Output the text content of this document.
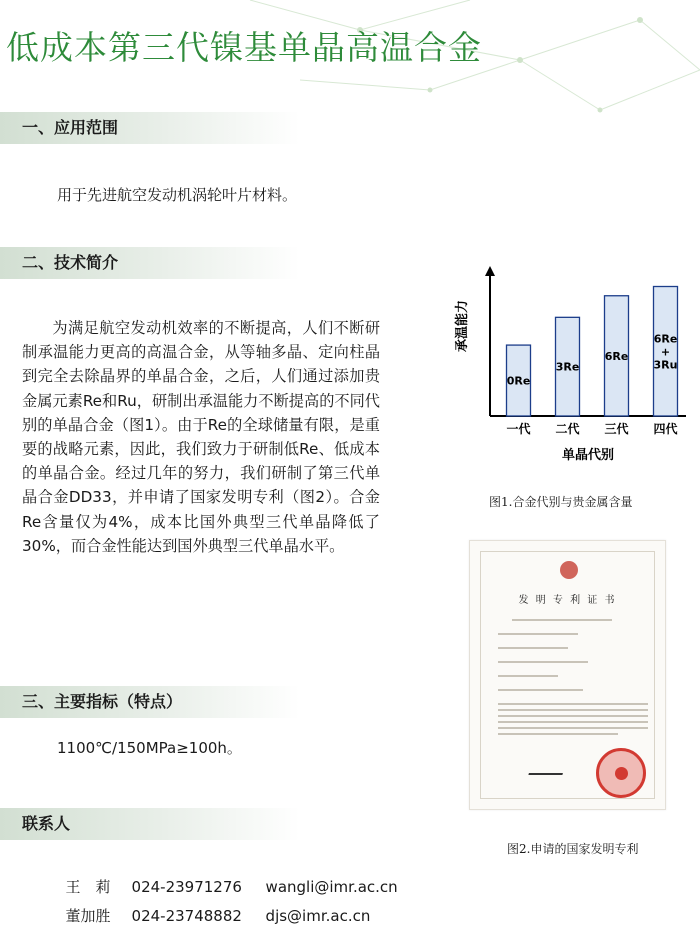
低成本第三代镍基单晶高温合金
一、应用范围
用于先进航空发动机涡轮叶片材料。
二、技术简介

为满足航空发动机效率的不断提高，人们不断研制承温能力更高的高温合金，从等轴多晶、定向柱晶到完全去除晶界的单晶合金，之后，人们通过添加贵金属元素Re和Ru，研制出承温能力不断提高的不同代别的单晶合金（图1）。由于Re的全球储量有限，是重要的战略元素，因此，我们致力于研制低Re、低成本的单晶合金。经过几年的努力，我们研制了第三代单晶合金DD33，并申请了国家发明专利（图2）。合金Re含量仅为4%，成本比国外典型三代单晶降低了30%，而合金性能达到国外典型三代单晶水平。

三、主要指标（特点）
1100℃/150MPa≥100h。
联系人

王　莉 024-23971276 wangli@imr.ac.cn

董加胜 024-23748882 djs@imr.ac.cn

承温能力
0Re
一代
3Re
二代
6Re
三代
6Re
+
3Ru
四代
单晶代别
图1.合金代别与贵金属含量
发 明 专 利 证 书
图2.申请的国家发明专利
